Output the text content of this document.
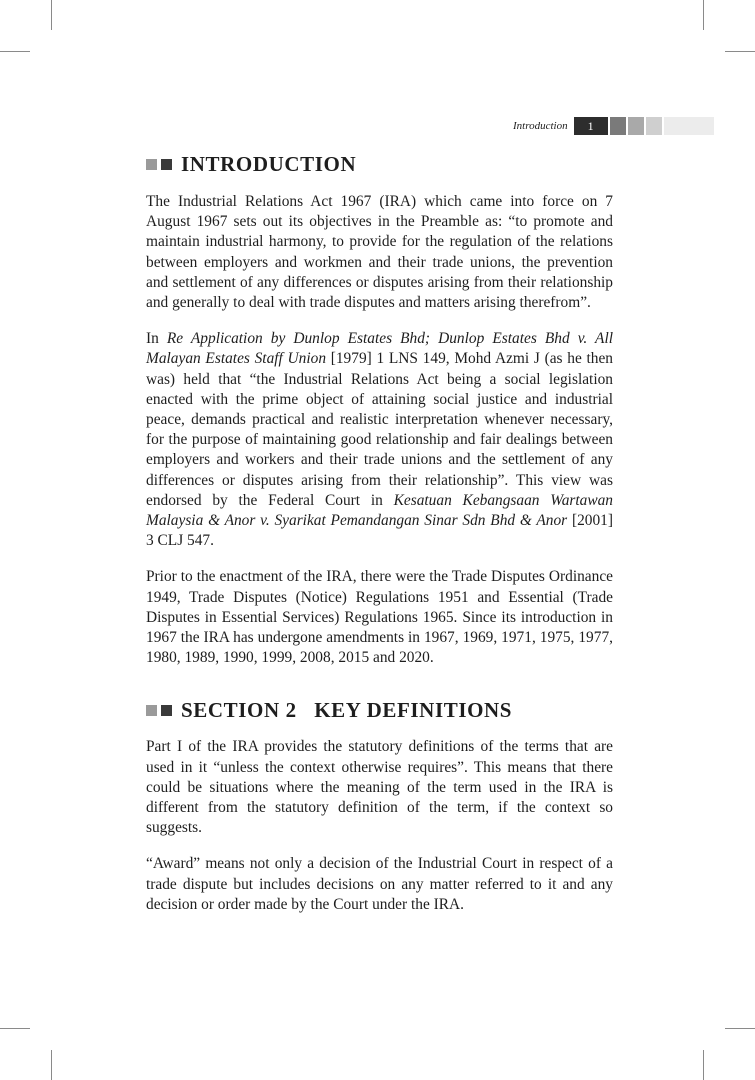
Introduction	1
INTRODUCTION

The Industrial Relations Act 1967 (IRA) which came into force on 7 August 1967 sets out its objectives in the Preamble as: “to promote and maintain industrial harmony, to provide for the regulation of the relations between employers and workmen and their trade unions, the prevention and settlement of any differences or disputes arising from their relationship and generally to deal with trade disputes and matters arising therefrom”.

In Re Application by Dunlop Estates Bhd; Dunlop Estates Bhd v. All Malayan Estates Staff Union [1979] 1 LNS 149, Mohd Azmi J (as he then was) held that “the Industrial Relations Act being a social legislation enacted with the prime object of attaining social justice and industrial peace, demands practical and realistic interpretation whenever necessary, for the purpose of maintaining good relationship and fair dealings between employers and workers and their trade unions and the settlement of any differences or disputes arising from their relationship”. This view was endorsed by the Federal Court in Kesatuan Kebangsaan Wartawan Malaysia & Anor v. Syarikat Pemandangan Sinar Sdn Bhd & Anor [2001] 3 CLJ 547.

Prior to the enactment of the IRA, there were the Trade Disputes Ordinance 1949, Trade Disputes (Notice) Regulations 1951 and Essential (Trade Disputes in Essential Services) Regulations 1965. Since its introduction in 1967 the IRA has undergone amendments in 1967, 1969, 1971, 1975, 1977, 1980, 1989, 1990, 1999, 2008, 2015 and 2020.

SECTION 2   KEY DEFINITIONS

Part I of the IRA provides the statutory definitions of the terms that are used in it “unless the context otherwise requires”. This means that there could be situations where the meaning of the term used in the IRA is different from the statutory definition of the term, if the context so suggests.

“Award” means not only a decision of the Industrial Court in respect of a trade dispute but includes decisions on any matter referred to it and any decision or order made by the Court under the IRA.
